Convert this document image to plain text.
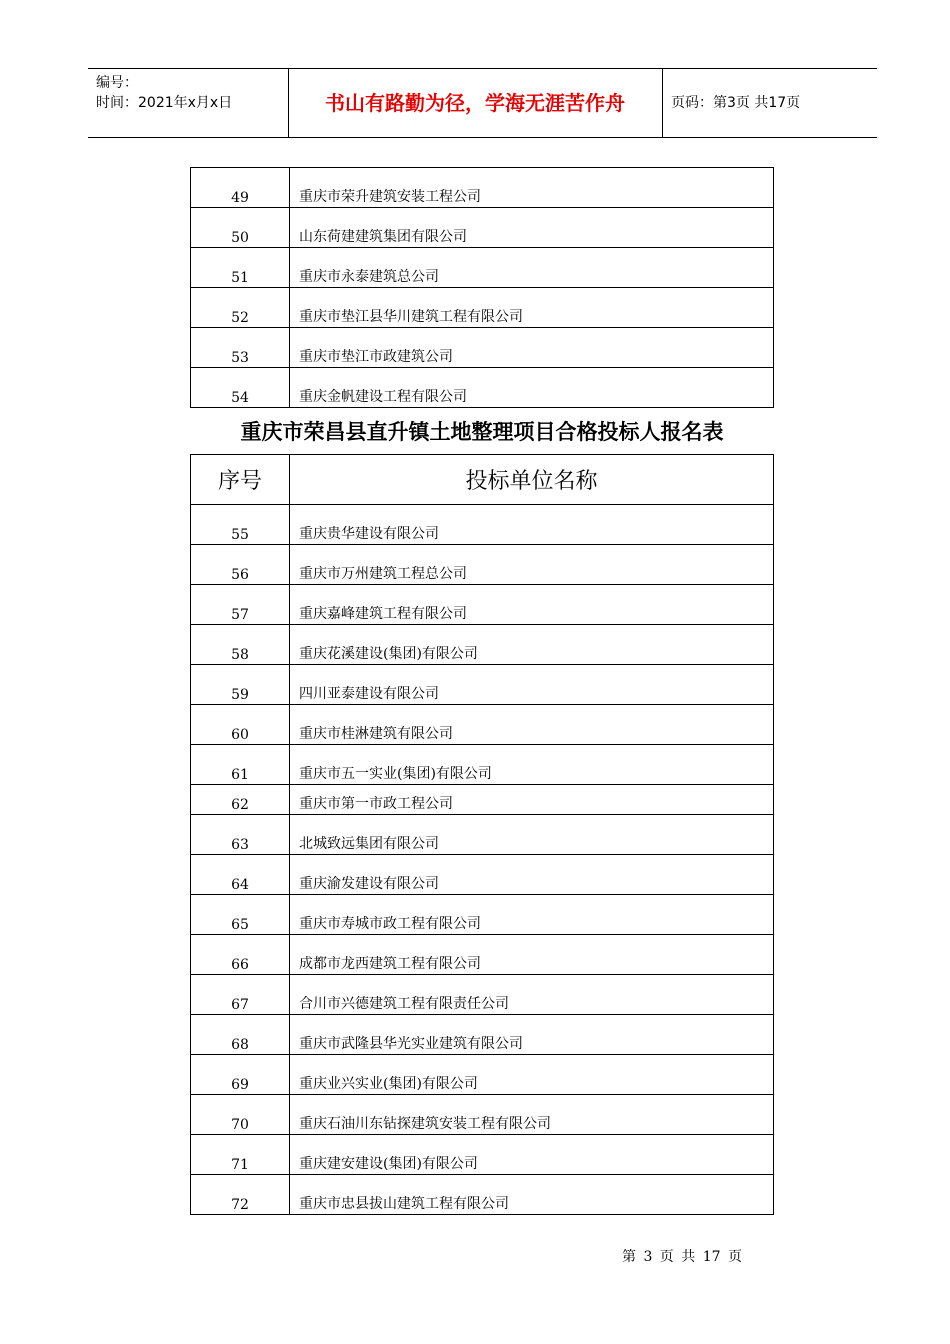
编号：
时间：2021年x月x日	书山有路勤为径，学海无涯苦作舟	页码：第3页 共17页
49	重庆市荣升建筑安装工程公司
50	山东荷建建筑集团有限公司
51	重庆市永泰建筑总公司
52	重庆市垫江县华川建筑工程有限公司
53	重庆市垫江市政建筑公司
54	重庆金帆建设工程有限公司
重庆市荣昌县直升镇土地整理项目合格投标人报名表
序号	投标单位名称
55	重庆贵华建设有限公司
56	重庆市万州建筑工程总公司
57	重庆嘉峰建筑工程有限公司
58	重庆花溪建设(集团)有限公司
59	四川亚泰建设有限公司
60	重庆市桂淋建筑有限公司
61	重庆市五一实业(集团)有限公司
62	重庆市第一市政工程公司
63	北城致远集团有限公司
64	重庆渝发建设有限公司
65	重庆市寿城市政工程有限公司
66	成都市龙西建筑工程有限公司
67	合川市兴德建筑工程有限责任公司
68	重庆市武隆县华光实业建筑有限公司
69	重庆业兴实业(集团)有限公司
70	重庆石油川东钻探建筑安装工程有限公司
71	重庆建安建设(集团)有限公司
72	重庆市忠县拔山建筑工程有限公司
第 3 页 共 17 页
